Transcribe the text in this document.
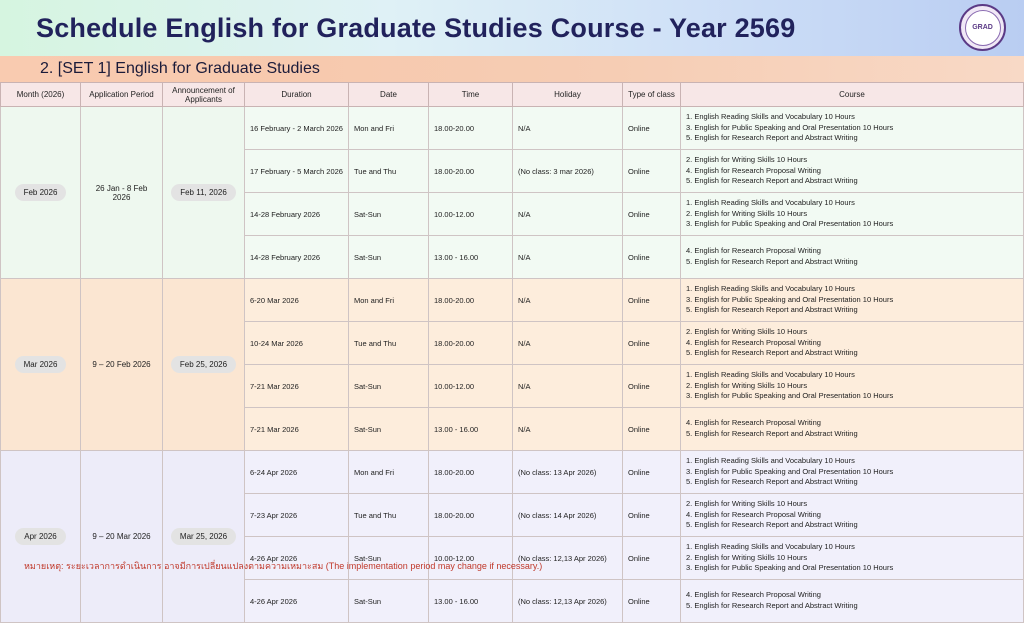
Schedule English for Graduate Studies Course - Year 2569	GRAD
2. [SET 1] English for Graduate Studies
Month (2026)	Application Period	Announcement of Applicants	Duration	Date	Time	Holiday	Type of class	Course
Feb 2026	26 Jan - 8 Feb 2026	Feb 11, 2026	16 February - 2 March 2026	Mon and Fri	18.00-20.00	N/A	Online	
1. English Reading Skills and Vocabulary 10 Hours
3. English for Public Speaking and Oral Presentation 10 Hours
5. English for Research Report and Abstract Writing

17 February - 5 March 2026	Tue and Thu	18.00-20.00	(No class: 3 mar 2026)	Online	
2. English for Writing Skills 10 Hours
4. English for Research Proposal Writing
5. English for Research Report and Abstract Writing

14-28 February 2026	Sat-Sun	10.00-12.00	N/A	Online	
1. English Reading Skills and Vocabulary 10 Hours
2. English for Writing Skills 10 Hours
3. English for Public Speaking and Oral Presentation 10 Hours

14-28 February 2026	Sat-Sun	13.00 - 16.00	N/A	Online	
4. English for Research Proposal Writing
5. English for Research Report and Abstract Writing

Mar 2026	9 – 20 Feb 2026	Feb 25, 2026	6-20 Mar 2026	Mon and Fri	18.00-20.00	N/A	Online	
1. English Reading Skills and Vocabulary 10 Hours
3. English for Public Speaking and Oral Presentation 10 Hours
5. English for Research Report and Abstract Writing

10-24 Mar 2026	Tue and Thu	18.00-20.00	N/A	Online	
2. English for Writing Skills 10 Hours
4. English for Research Proposal Writing
5. English for Research Report and Abstract Writing

7-21 Mar 2026	Sat-Sun	10.00-12.00	N/A	Online	
1. English Reading Skills and Vocabulary 10 Hours
2. English for Writing Skills 10 Hours
3. English for Public Speaking and Oral Presentation 10 Hours

7-21 Mar 2026	Sat-Sun	13.00 - 16.00	N/A	Online	
4. English for Research Proposal Writing
5. English for Research Report and Abstract Writing

Apr 2026	9 – 20 Mar 2026	Mar 25, 2026	6-24 Apr 2026	Mon and Fri	18.00-20.00	(No class: 13 Apr 2026)	Online	
1. English Reading Skills and Vocabulary 10 Hours
3. English for Public Speaking and Oral Presentation 10 Hours
5. English for Research Report and Abstract Writing

7-23 Apr 2026	Tue and Thu	18.00-20.00	(No class: 14 Apr 2026)	Online	
2. English for Writing Skills 10 Hours
4. English for Research Proposal Writing
5. English for Research Report and Abstract Writing

4-26 Apr 2026	Sat-Sun	10.00-12.00	(No class: 12,13 Apr 2026)	Online	
1. English Reading Skills and Vocabulary 10 Hours
2. English for Writing Skills 10 Hours
3. English for Public Speaking and Oral Presentation 10 Hours

4-26 Apr 2026	Sat-Sun	13.00 - 16.00	(No class: 12,13 Apr 2026)	Online	
4. English for Research Proposal Writing
5. English for Research Report and Abstract Writing
หมายเหตุ: ระยะเวลาการดำเนินการ อาจมีการเปลี่ยนแปลงตามความเหมาะสม (The implementation period may change if necessary.)
